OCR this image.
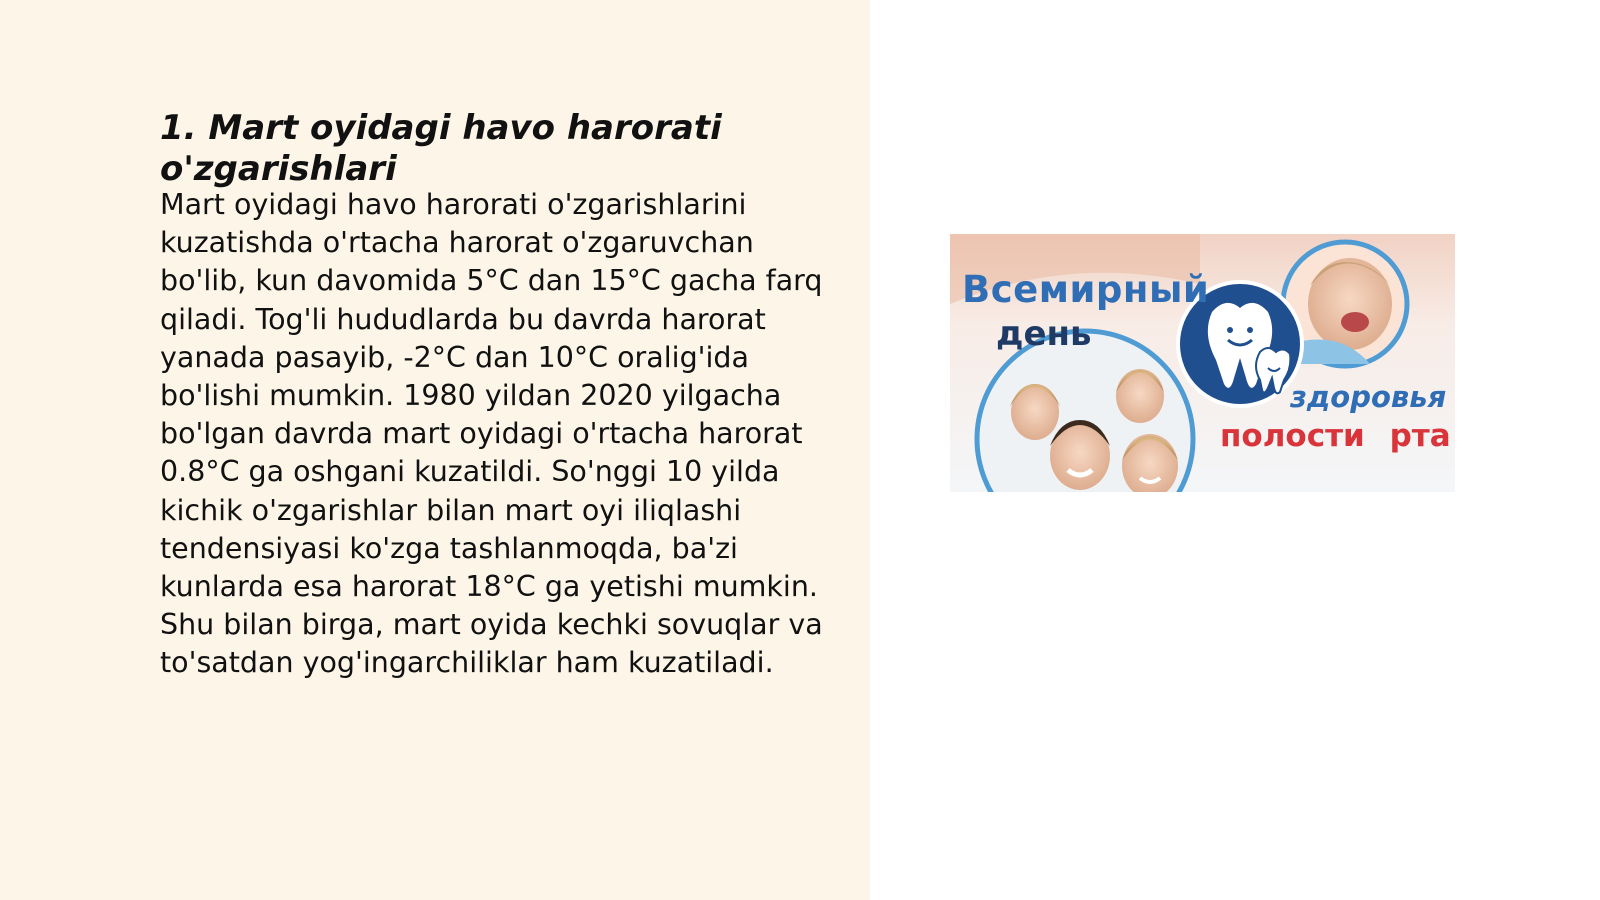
1. Mart oyidagi havo harorati o'zgarishlari

Mart oyidagi havo harorati o'zgarishlarini kuzatishda o'rtacha harorat o'zgaruvchan bo'lib, kun davomida 5°C dan 15°C gacha farq qiladi. Tog'li hududlarda bu davrda harorat yanada pasayib, -2°C dan 10°C oralig'ida bo'lishi mumkin. 1980 yildan 2020 yilgacha bo'lgan davrda mart oyidagi o'rtacha harorat 0.8°C ga oshgani kuzatildi. So'nggi 10 yilda kichik o'zgarishlar bilan mart oyi iliqlashi tendensiyasi ko'zga tashlanmoqda, ba'zi kunlarda esa harorat 18°C ga yetishi mumkin. Shu bilan birga, mart oyida kechki sovuqlar va to'satdan yog'ingarchiliklar ham kuzatiladi.

Всемирный
день
здоровья
полости рта
